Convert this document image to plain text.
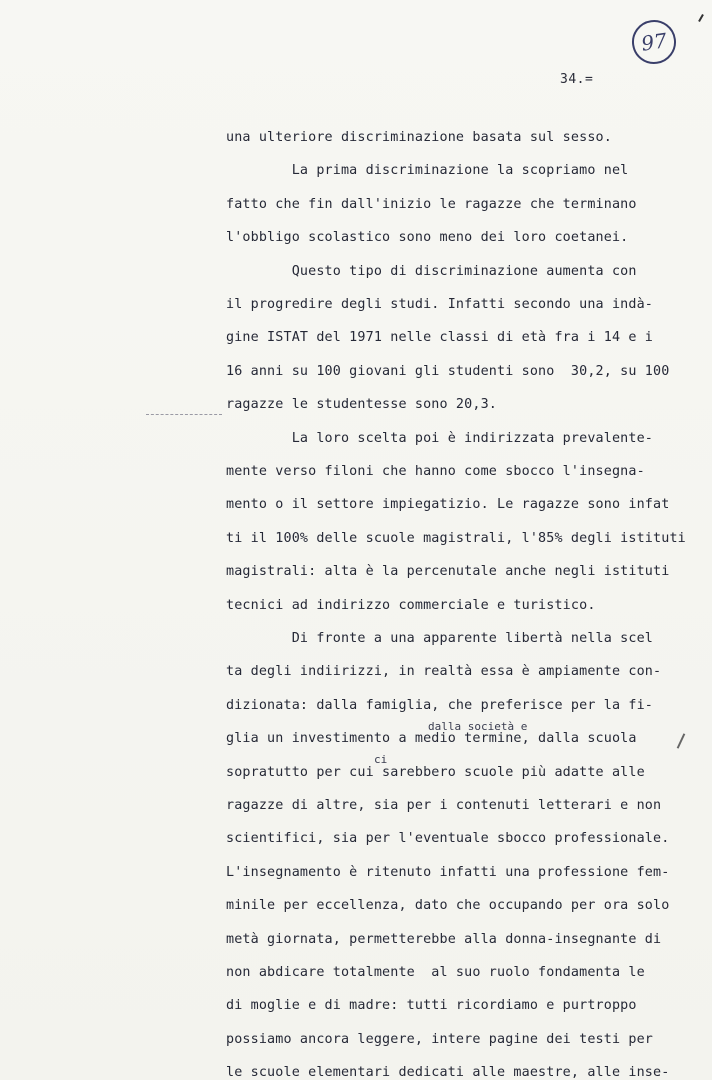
97
34.=
una ulteriore discriminazione basata sul sesso.
La prima discriminazione la scopriamo nel
fatto che fin dall'inizio le ragazze che terminano
l'obbligo scolastico sono meno dei loro coetanei.
Questo tipo di discriminazione aumenta con
il progredire degli studi. Infatti secondo una indà-
gine ISTAT del 1971 nelle classi di età fra i 14 e i
16 anni su 100 giovani gli studenti sono  30,2, su 100
ragazze le studentesse sono 20,3.
La loro scelta poi è indirizzata prevalente-
mente verso filoni che hanno come sbocco l'insegna-
mento o il settore impiegatizio. Le ragazze sono infat
ti il 100% delle scuole magistrali, l'85% degli istituti
magistrali: alta è la percenutale anche negli istituti
tecnici ad indirizzo commerciale e turistico.
Di fronte a una apparente libertà nella scel
ta degli indiirizzi, in realtà essa è ampiamente con-
dizionata: dalla famiglia, che preferisce per la fi-
glia un investimento a medio termine, dalla scuola
sopratutto per cui sarebbero scuole più adatte alle
ragazze di altre, sia per i contenuti letterari e non
scientifici, sia per l'eventuale sbocco professionale.
L'insegnamento è ritenuto infatti una professione fem-
minile per eccellenza, dato che occupando per ora solo
metà giornata, permetterebbe alla donna-insegnante di
non abdicare totalmente  al suo ruolo fondamenta le
di moglie e di madre: tutti ricordiamo e purtroppo
possiamo ancora leggere, intere pagine dei testi per
le scuole elementari dedicati alle maestre, alle inse-
dalla società e
ci
